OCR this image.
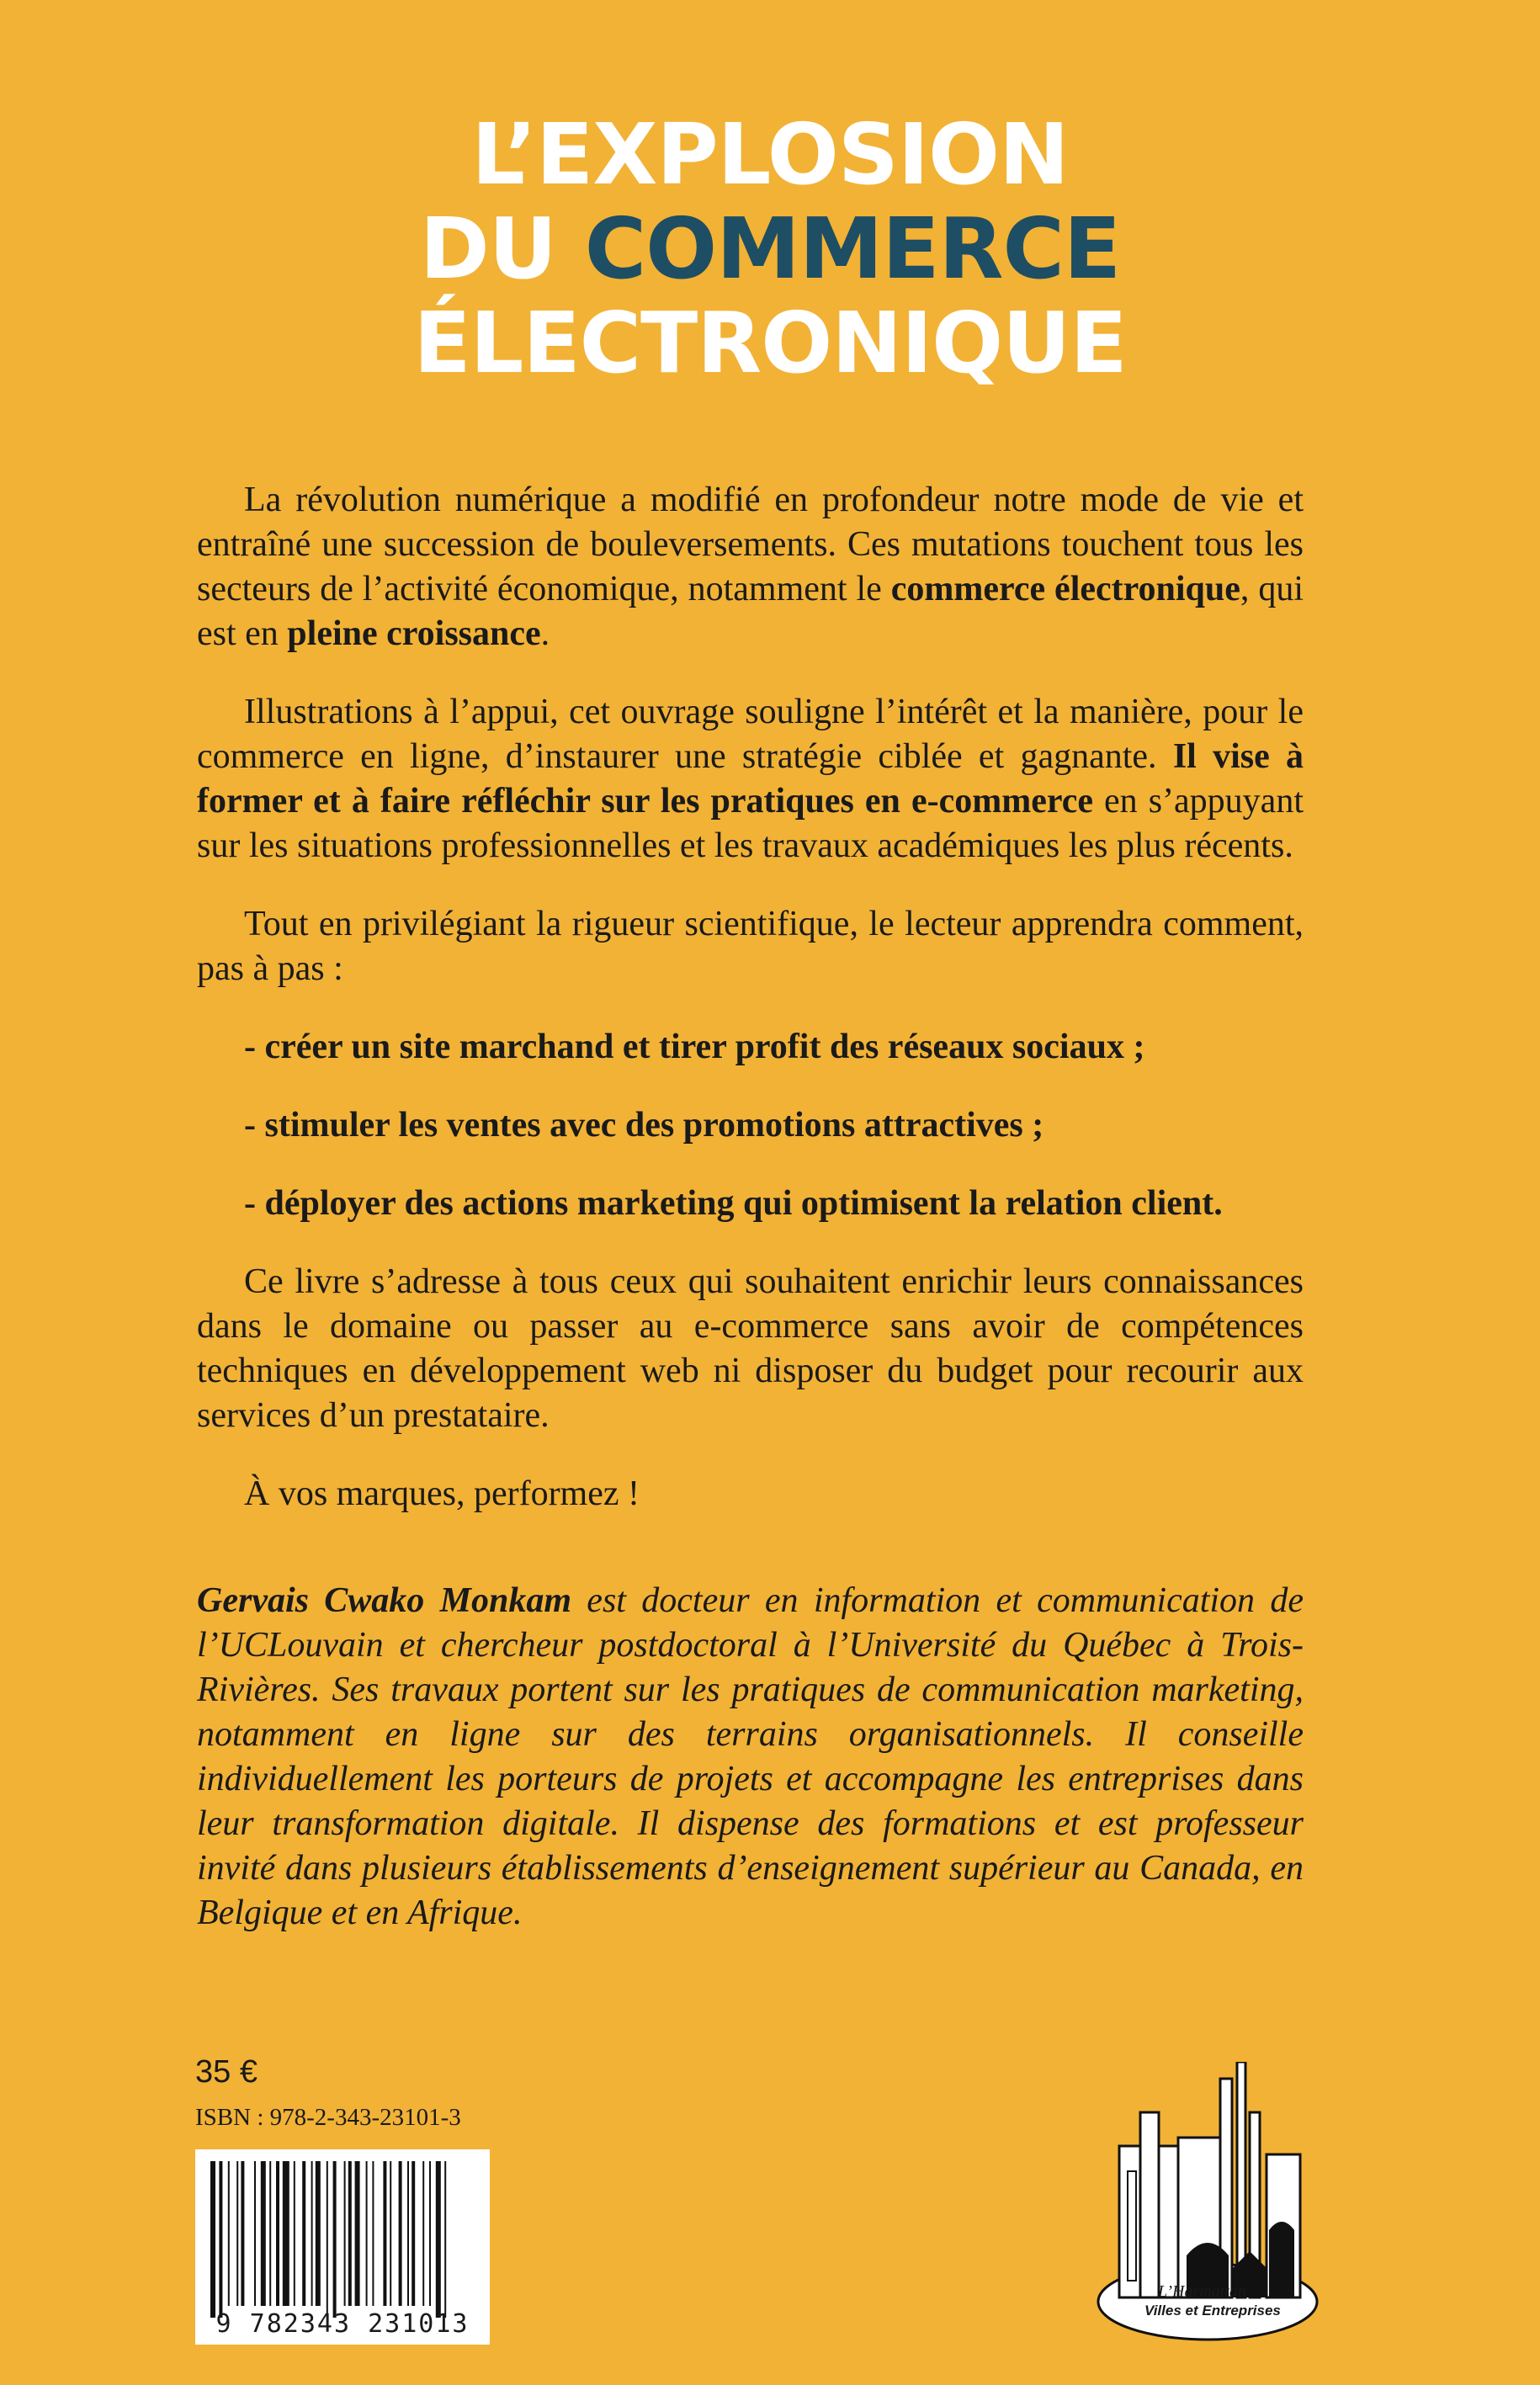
L’EXPLOSION
DU COMMERCE
ÉLECTRONIQUE

La révolution numérique a modifié en profondeur notre mode de vie et entraîné une succession de bouleversements. Ces mutations touchent tous les secteurs de l’activité économique, notamment le commerce électronique, qui est en pleine croissance.

Illustrations à l’appui, cet ouvrage souligne l’intérêt et la manière, pour le commerce en ligne, d’instaurer une stratégie ciblée et gagnante. Il vise à former et à faire réfléchir sur les pratiques en e-commerce en s’appuyant sur les situations professionnelles et les travaux académiques les plus récents.

Tout en privilégiant la rigueur scientifique, le lecteur apprendra comment, pas à pas :

- créer un site marchand et tirer profit des réseaux sociaux ;

- stimuler les ventes avec des promotions attractives ;

- déployer des actions marketing qui optimisent la relation client.

Ce livre s’adresse à tous ceux qui souhaitent enrichir leurs connaissances dans le domaine ou passer au e-commerce sans avoir de compétences techniques en développement web ni disposer du budget pour recourir aux services d’un prestataire.

À vos marques, performez !

Gervais Cwako Monkam est docteur en information et communication de l’UCLouvain et chercheur postdoctoral à l’Université du Québec à Trois-Rivières. Ses travaux portent sur les pratiques de communication marketing, notamment en ligne sur des terrains organisationnels. Il conseille individuellement les porteurs de projets et accompagne les entreprises dans leur transformation digitale. Il dispense des formations et est professeur invité dans plusieurs établissements d’enseignement supérieur au Canada, en Belgique et en Afrique.
35 €
ISBN : 978-2-343-23101-3
9 782343 231013
L’Harmattan
Villes et Entreprises
